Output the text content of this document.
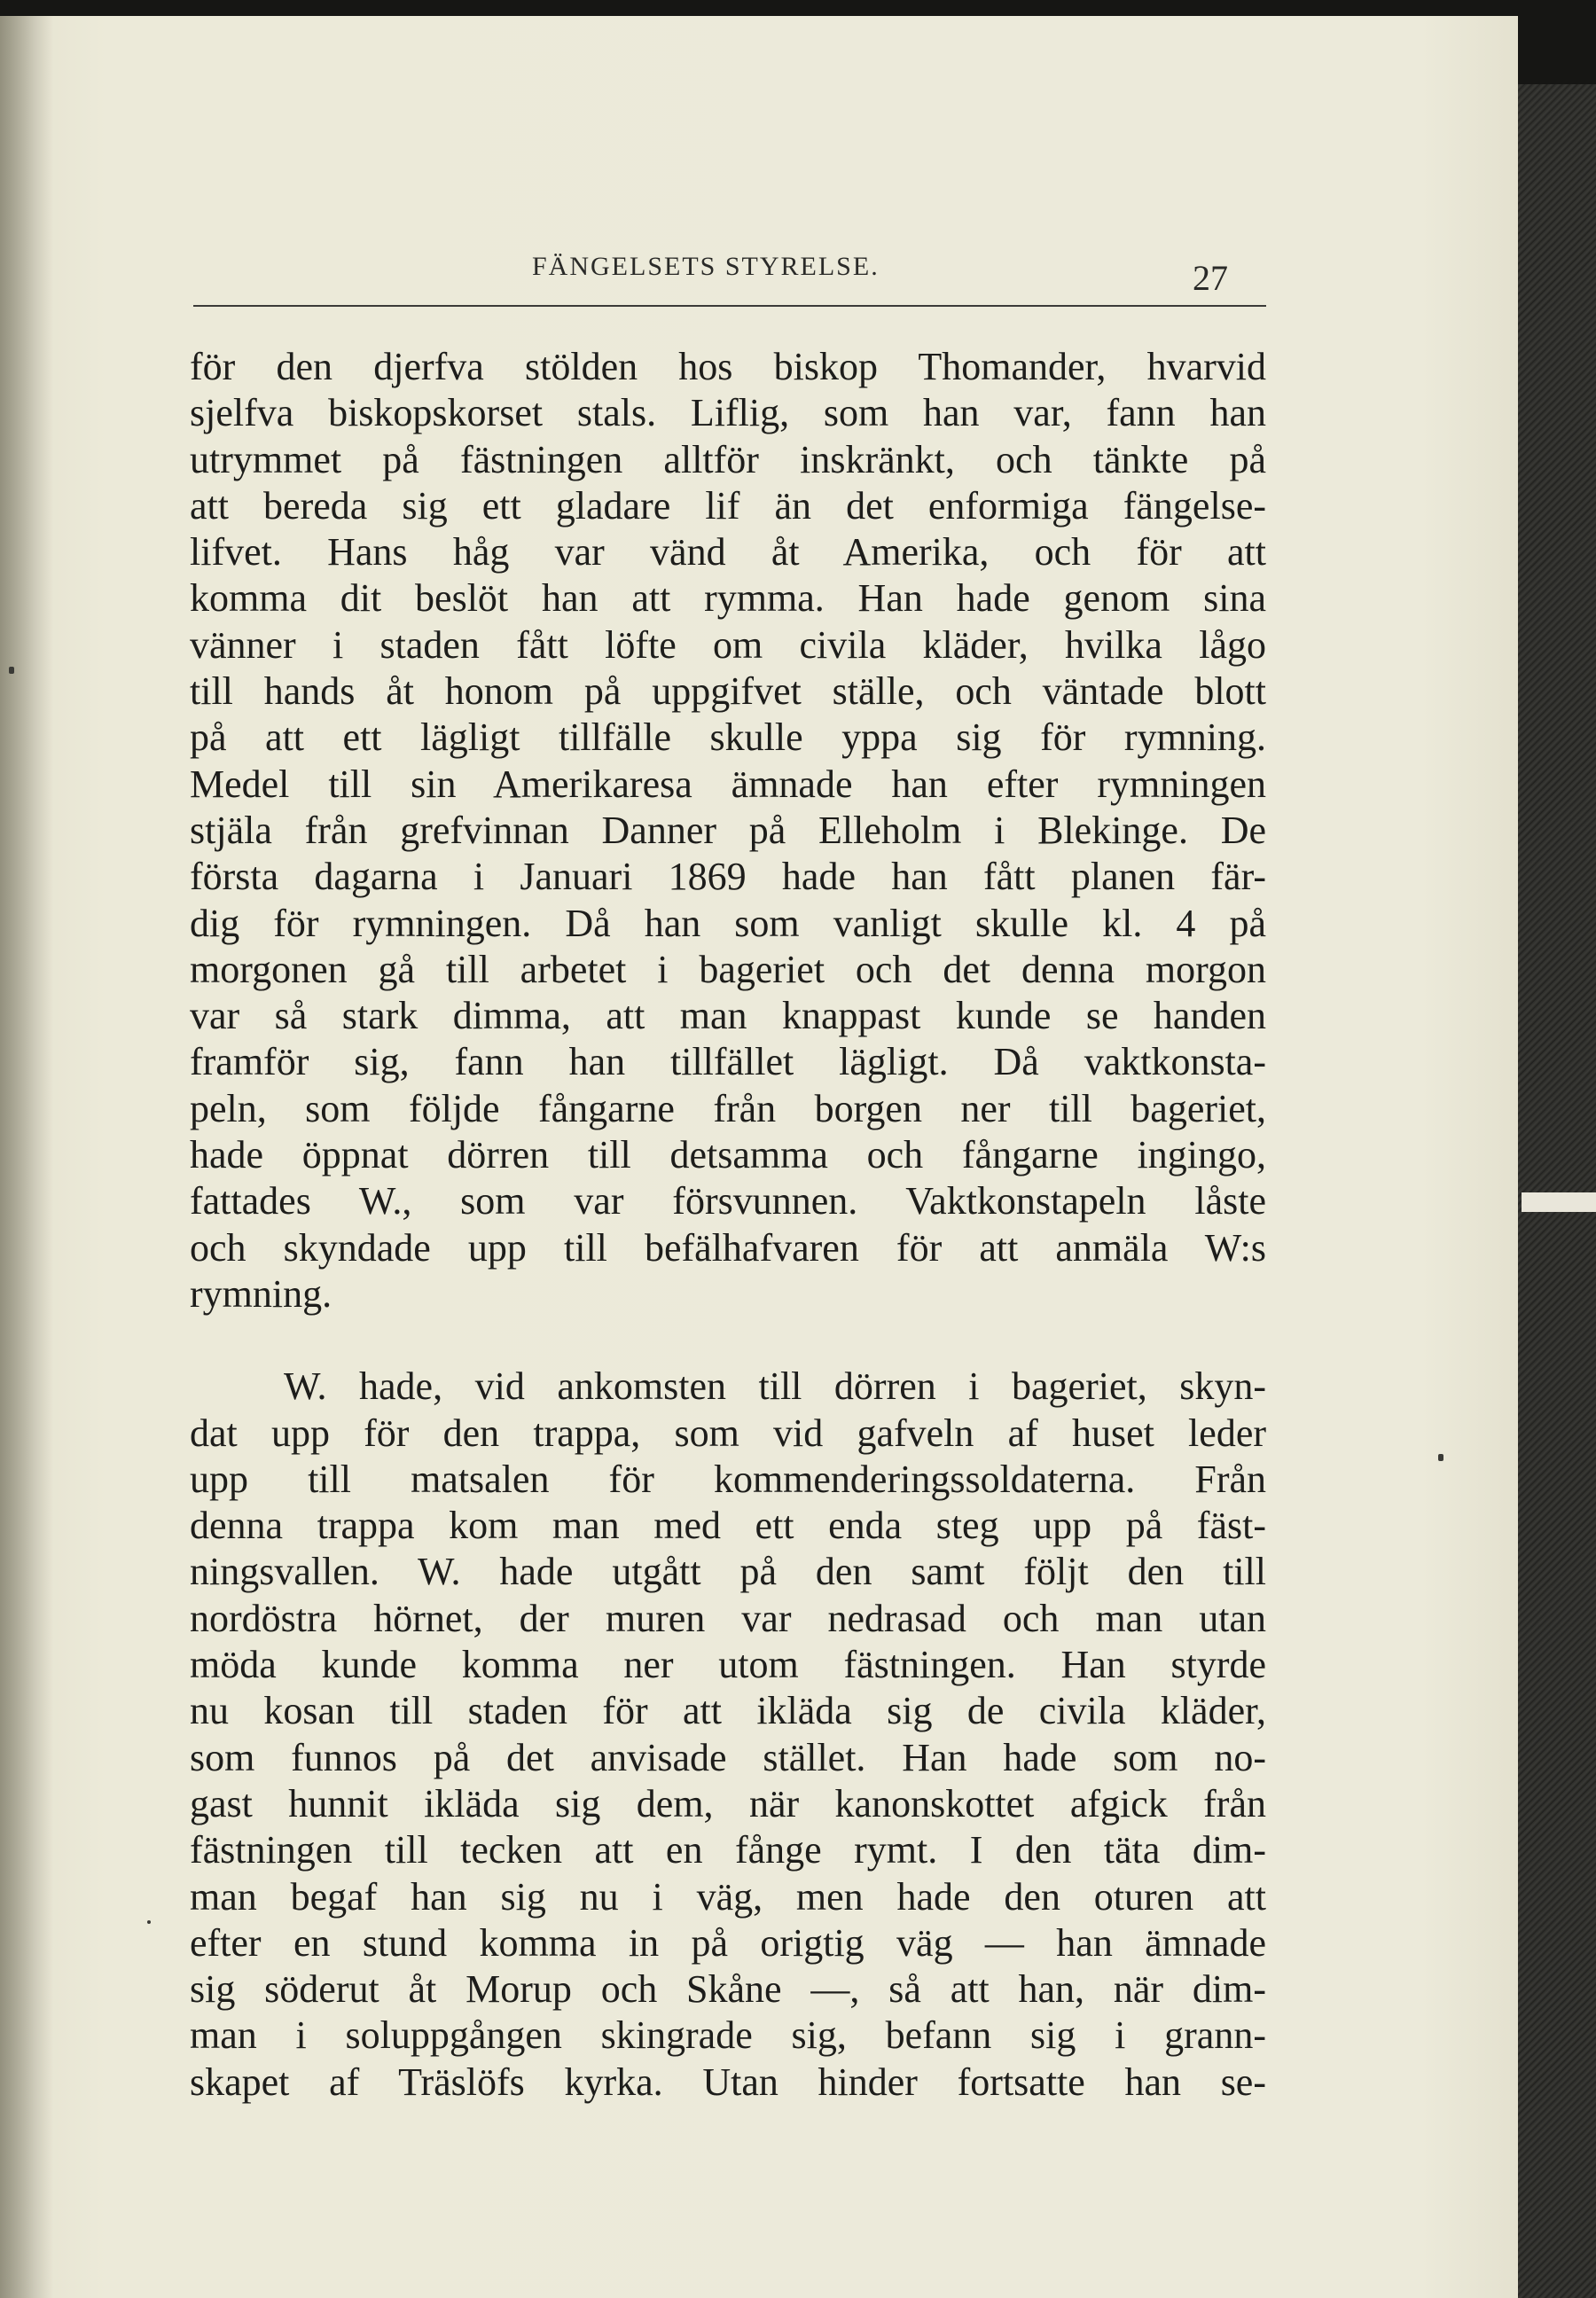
FÄNGELSETS STYRELSE.	27
för den djerfva stölden hos biskop Thomander, hvarvid
sjelfva biskopskorset stals. Liflig, som han var, fann han
utrymmet på fästningen alltför inskränkt, och tänkte på
att bereda sig ett gladare lif än det enformiga fängelse-
lifvet. Hans håg var vänd åt Amerika, och för att
komma dit beslöt han att rymma. Han hade genom sina
vänner i staden fått löfte om civila kläder, hvilka lågo
till hands åt honom på uppgifvet ställe, och väntade blott
på att ett lägligt tillfälle skulle yppa sig för rymning.
Medel till sin Amerikaresa ämnade han efter rymningen
stjäla från grefvinnan Danner på Elleholm i Blekinge. De
första dagarna i Januari 1869 hade han fått planen fär-
dig för rymningen. Då han som vanligt skulle kl. 4 på
morgonen gå till arbetet i bageriet och det denna morgon
var så stark dimma, att man knappast kunde se handen
framför sig, fann han tillfället lägligt. Då vaktkonsta-
peln, som följde fångarne från borgen ner till bageriet,
hade öppnat dörren till detsamma och fångarne ingingo,
fattades W., som var försvunnen. Vaktkonstapeln låste
och skyndade upp till befälhafvaren för att anmäla W:s
rymning.
W. hade, vid ankomsten till dörren i bageriet, skyn-
dat upp för den trappa, som vid gafveln af huset leder
upp till matsalen för kommenderingssoldaterna. Från
denna trappa kom man med ett enda steg upp på fäst-
ningsvallen. W. hade utgått på den samt följt den till
nordöstra hörnet, der muren var nedrasad och man utan
möda kunde komma ner utom fästningen. Han styrde
nu kosan till staden för att ikläda sig de civila kläder,
som funnos på det anvisade stället. Han hade som no-
gast hunnit ikläda sig dem, när kanonskottet afgick från
fästningen till tecken att en fånge rymt. I den täta dim-
man begaf han sig nu i väg, men hade den oturen att
efter en stund komma in på origtig väg — han ämnade
sig söderut åt Morup och Skåne —, så att han, när dim-
man i soluppgången skingrade sig, befann sig i grann-
skapet af Träslöfs kyrka. Utan hinder fortsatte han se-
